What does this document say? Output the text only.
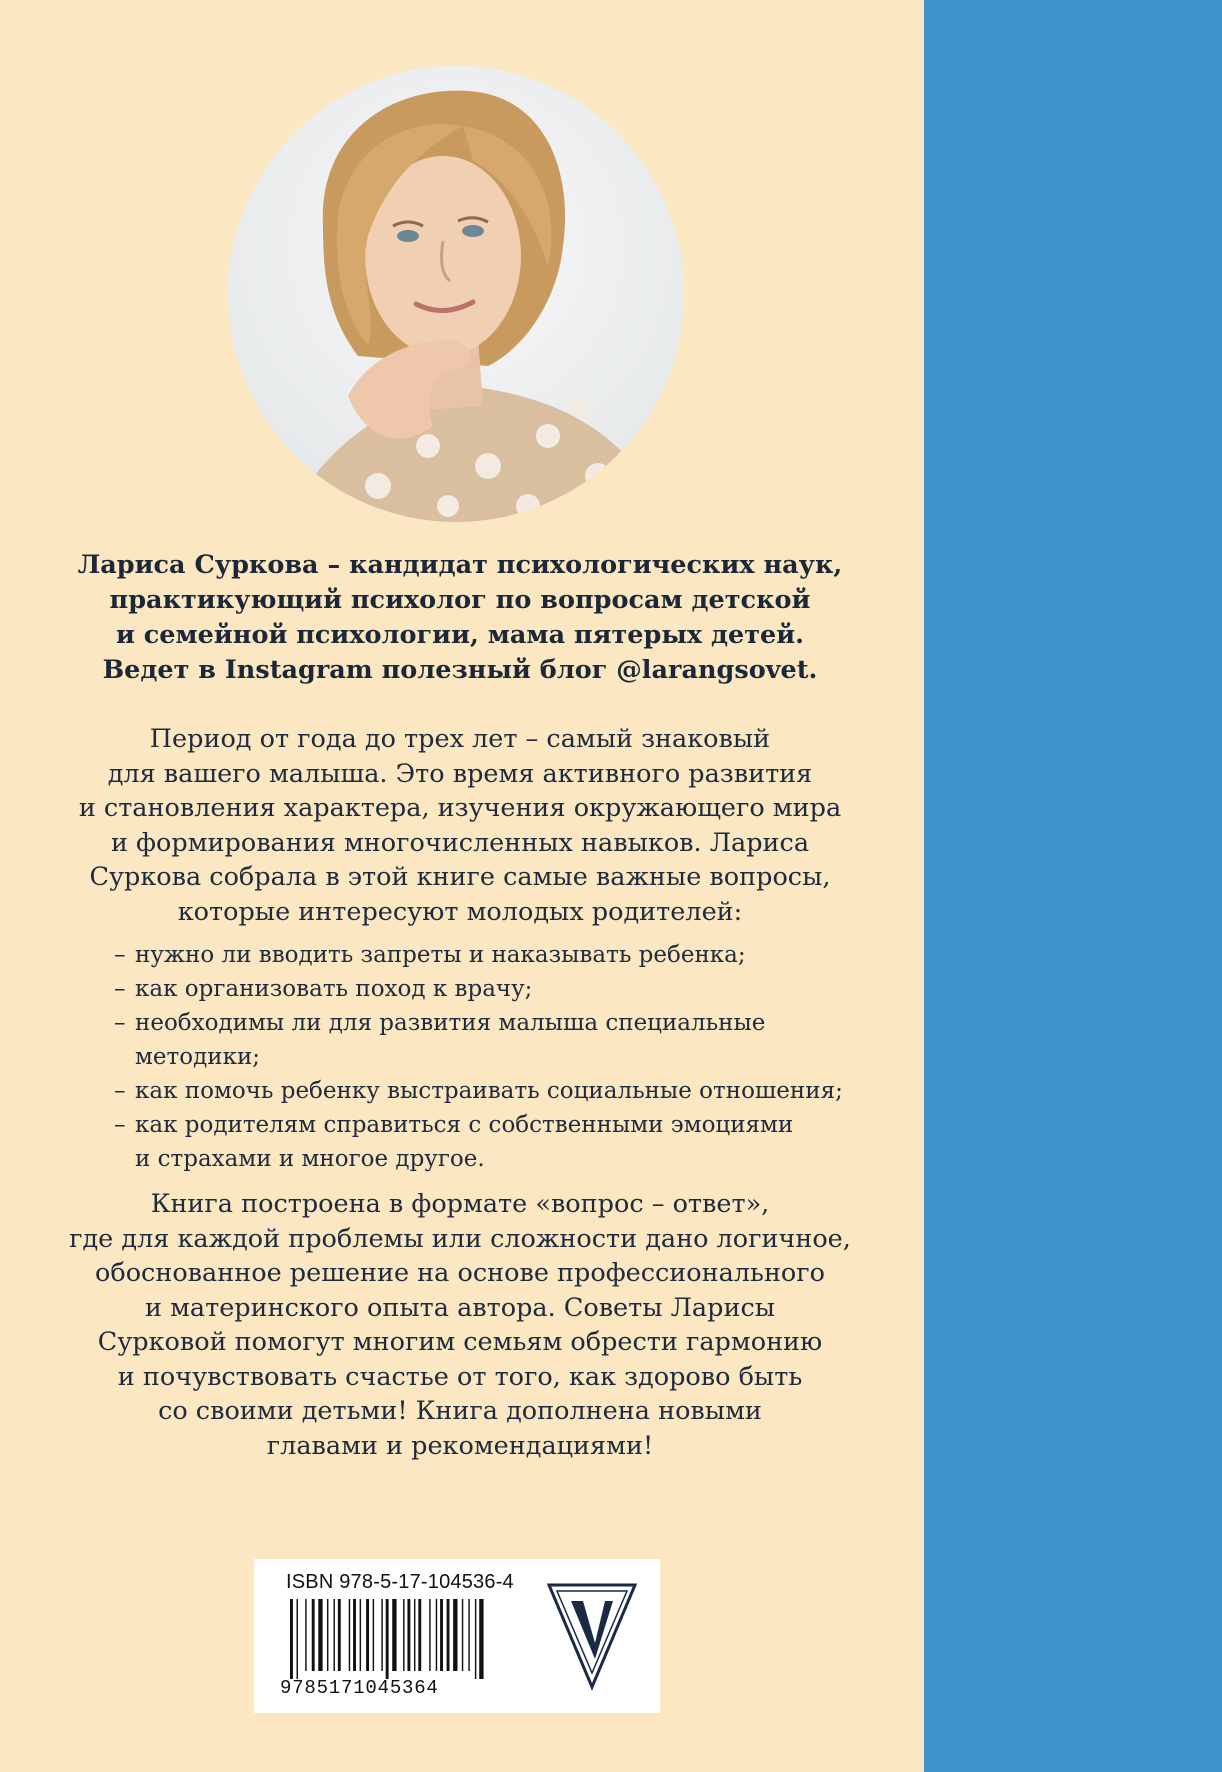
Лариса Суркова – кандидат психологических наук,
практикующий психолог по вопросам детской
и семейной психологии, мама пятерых детей.
Ведет в Instagram полезный блог @larangsovet.

Период от года до трех лет – самый знаковый
для вашего малыша. Это время активного развития
и становления характера, изучения окружающего мира
и формирования многочисленных навыков. Лариса
Суркова собрала в этой книге самые важные вопросы,
которые интересуют молодых родителей:

– нужно ли вводить запреты и наказывать ребенка;
– как организовать поход к врачу;
– необходимы ли для развития малыша специальные
методики;
– как помочь ребенку выстраивать социальные отношения;
– как родителям справиться с собственными эмоциями
и страхами и многое другое.

Книга построена в формате «вопрос – ответ»,
где для каждой проблемы или сложности дано логичное,
обоснованное решение на основе профессионального
и материнского опыта автора. Советы Ларисы
Сурковой помогут многим семьям обрести гармонию
и почувствовать счастье от того, как здорово быть
со своими детьми! Книга дополнена новыми
главами и рекомендациями!

ISBN 978-5-17-104536-4
9785171045364
